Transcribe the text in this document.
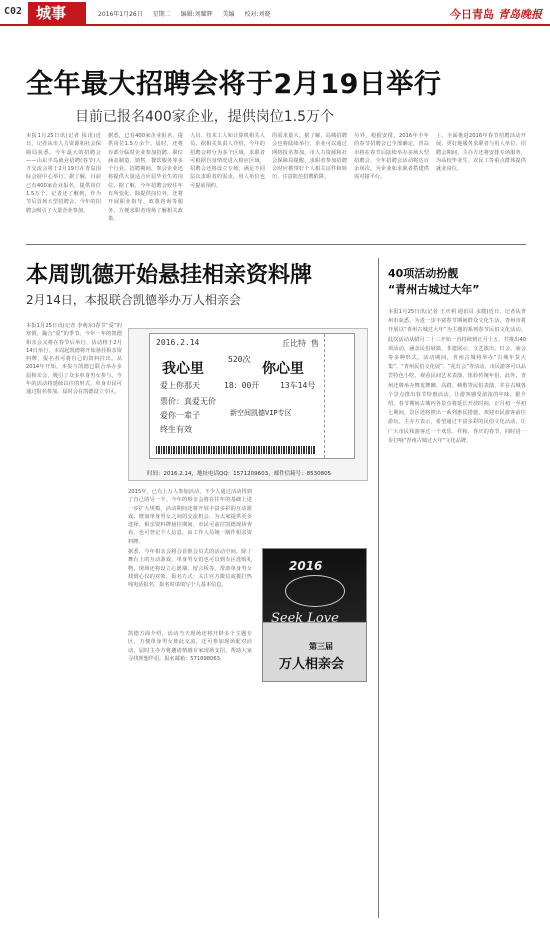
C02 城事	2016年1月26日 星期二 编辑:刘耀辉 美编 校对:刘晓	今日青岛 青岛晚报
全年最大招聘会将于2月19日举行
目前已报名400家企业，提供岗位1.5万个
本报1月25日讯(记者 报讯)近日，记者从市人力资源和社会保障局获悉，今年最大的招聘会——山东半岛就业招聘(春节)人才交流会将于2月19日在青岛国际会展中心举行。据了解，目前已有400家企业报名，提供岗位1.5万个。记者还了解到，作为节后首场大型招聘会，今年的招聘会吸引了大量企业参加。
据悉，已有400家企业报名，提供岗位1.5万余个。届时，还将有部分临时企业参加招聘，职位涵盖制造、销售、餐饮服务等多个行业。招聘期间，参会企业还将提供大量适合应届毕业生的岗位。据了解，今年招聘会较往年有所变化，除提供岗位外，还将开展职业指导、政策咨询等服务，方便求职者现场了解相关政策。
人员、技术工人和计算机相关人员。据相关负责人介绍，今年的招聘会将分为多个区域，求职者可根据自身情况进入相应区域，招聘会还将设立专场，满足不同层次求职者的需求，用人单位也可提前预约。
的需求量大。据了解，岛城招聘会也将陆续举行，企业可以通过网络报名参加。市人力资源和社会保障局提醒，求职者参加招聘会时应携带好个人相关证件和简历，注意防范招聘陷阱。
另外，根据安排，2016年全年的春节招聘会已全部确定，青岛市将在春节后陆续举办多场大型招聘会，全年招聘会活动将达百余场次，为企业和求职者搭建供需对接平台。
上，全面推进2016年春节招聘活动开展，更好地服务求职者与用人单位。招聘会期间，主办方还将安排专场服务，为高校毕业生、农民工等重点群体提供就业岗位。
本周凯德开始悬挂相亲资料牌
2月14日，本报联合凯德举办万人相亲会
本报1月25日讯(记者 李萌东)春节“爱”的寒假，撮合“爱”的季节。今年一年的凯德相亲会又将在春节后举行，活动将于2月14日举行，本周起凯德将开始悬挂相亲资料牌，报名者可将自己的资料挂出。从2014年开始，本报与凯德已联合举办多届相亲会，吸引了众多单身男女参与。今年的活动将延续以往的形式，单身市民可通过报名参加，届时会在凯德设立专区。
2015年，已有上万人参加活动，不少人通过活动找到了自己的另一半。今年的相亲会将在往年的基础上进一步扩大规模，活动期间还将开展丰富多彩的互动游戏，增加单身男女之间的交流机会，为大家提供更多选择。相亲资料牌悬挂期间，市民可前往凯德现场查看，也可登记个人信息，由工作人员统一制作相亲资料牌。
据悉，今年相亲会将会首推会员式的活动空间，除了舞台上的互动游戏，单身男女们也可以到专区选购礼物，现场还将设立心愿墙、留言板等，帮助单身男女找到心仪的对象。报名方式：关注官方微信或拨打热线电话报名，报名时请填写个人基本信息。
凯德方面介绍，活动当天现场还将开辟多个主题专区，方便单身男女彼此交流，还可参加现场配对活动，届时主办方将邀请情感专家现场支招，帮助大家寻找理想伴侣。报名邮箱：571898063。
2016.2.14	丘比特 售
520次
我心里	你心里
爱上你那天	18：00开	13车14号
票价：真爱无价
新空间凯德VIP专区
爱你一辈子
终生有效
时间：2016.2.14，地址电话QQ：1571209603，邮件信箱号：8530805
2016
Seek Love
第三届
万人相亲会
40项活动扮靓
“青州古城过大年”
本报1月25日讯(记者 王庆利 通讯员 永健)近日，记者从青州市获悉，为进一步丰富春节期间群众文化生活，青州市将开展以“青州古城过大年”为主题的系列春节民俗文化活动。此次活动从腊月二十三开始一直持续到正月十五，共推出40项活动，涵盖民俗展演、非遗展示、文艺演出、灯会、庙会等多种形式。活动期间，青州古城将举办“古城年货大集”、“青州民俗文化展”、“花灯会”等活动，市民游客可以品尝特色小吃、观看民间艺术表演、体验传统年俗。此外，青州还将举办舞龙舞狮、高跷、秧歌等民俗表演，并在古城各个景点推出春节特惠活动，让游客感受浓浓的年味。据介绍，春节期间古城内各景点将延长开放时间，正月初一至初七期间，景区还将推出一系列惠民措施，欢迎市民游客前往游玩。主办方表示，希望通过丰富多彩的民俗文化活动，让广大市民和游客过一个欢乐、祥和、喜庆的春节，同时进一步打响“青州古城过大年”文化品牌。
